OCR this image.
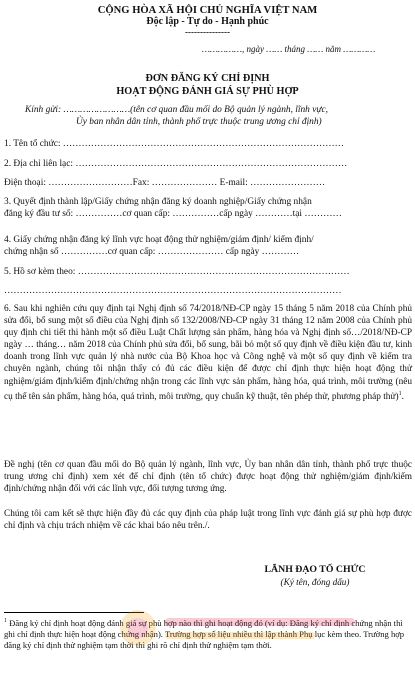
CỘNG HÒA XÃ HỘI CHỦ NGHĨA VIỆT NAM
Độc lập - Tự do - Hạnh phúc
---------------
……………, ngày …… tháng …… năm …………
ĐƠN ĐĂNG KÝ CHỈ ĐỊNH
HOẠT ĐỘNG ĐÁNH GIÁ SỰ PHÙ HỢP
Kính gửi: ……………………(tên cơ quan đầu mối do Bộ quản lý ngành, lĩnh vực,
Ủy ban nhân dân tỉnh, thành phố trực thuộc trung ương chỉ định)
1. Tên tổ chức: ………………………………………………………………………………
2. Địa chỉ liên lạc: ……………………………………………………………………………
Điện thoại: ………………………Fax: ………………… E-mail: ……………………
3. Quyết định thành lập/Giấy chứng nhận đăng ký doanh nghiệp/Giấy chứng nhận
đăng ký đầu tư số: ……………cơ quan cấp: ……………cấp ngày …………tại …………
4. Giấy chứng nhận đăng ký lĩnh vực hoạt động thử nghiệm/giám định/ kiểm định/
chứng nhận số ……………cơ quan cấp: ………………… cấp ngày …………
5. Hồ sơ kèm theo: ……………………………………………………………………………
………………………………………………………………………………………………
6. Sau khi nghiên cứu quy định tại Nghị định số 74/2018/NĐ-CP ngày 15 tháng 5 năm 2018 của Chính phủ sửa đổi, bổ sung một số điều của Nghị định số 132/2008/NĐ-CP ngày 31 tháng 12 năm 2008 của Chính phủ quy định chi tiết thi hành một số điều Luật Chất lượng sản phẩm, hàng hóa và Nghị định số…/2018/NĐ-CP ngày … tháng… năm 2018 của Chính phủ sửa đổi, bổ sung, bãi bỏ một số quy định về điều kiện đầu tư, kinh doanh trong lĩnh vực quản lý nhà nước của Bộ Khoa học và Công nghệ và một số quy định về kiểm tra chuyên ngành, chúng tôi nhận thấy có đủ các điều kiện để được chỉ định thực hiện hoạt động thử nghiệm/giám định/kiểm định/chứng nhận trong các lĩnh vực sản phẩm, hàng hóa, quá trình, môi trường (nêu cụ thể tên sản phẩm, hàng hóa, quá trình, môi trường, quy chuẩn kỹ thuật, tên phép thử, phương pháp thử)$^1$.
Đề nghị (tên cơ quan đầu mối do Bộ quản lý ngành, lĩnh vực, Ủy ban nhân dân tỉnh, thành phố trực thuộc trung ương chỉ định) xem xét để chỉ định (tên tổ chức) được hoạt động thử nghiệm/giám định/kiểm định/chứng nhận đối với các lĩnh vực, đối tượng tương ứng.
Chúng tôi cam kết sẽ thực hiện đầy đủ các quy định của pháp luật trong lĩnh vực đánh giá sự phù hợp được chỉ định và chịu trách nhiệm về các khai báo nêu trên./.
LÃNH ĐẠO TỔ CHỨC
(Ký tên, đóng dấu)
$^1$ Đăng ký chỉ định hoạt động đánh giá sự phù hợp nào thì ghi hoạt động đó (ví dụ: Đăng ký chỉ định chứng nhận thì ghi chỉ định thực hiện hoạt động chứng nhận). Trường hợp số liệu nhiều thì lập thành Phụ lục kèm theo. Trường hợp đăng ký chỉ định thử nghiệm tạm thời thì ghi rõ chỉ định thử nghiệm tạm thời.
